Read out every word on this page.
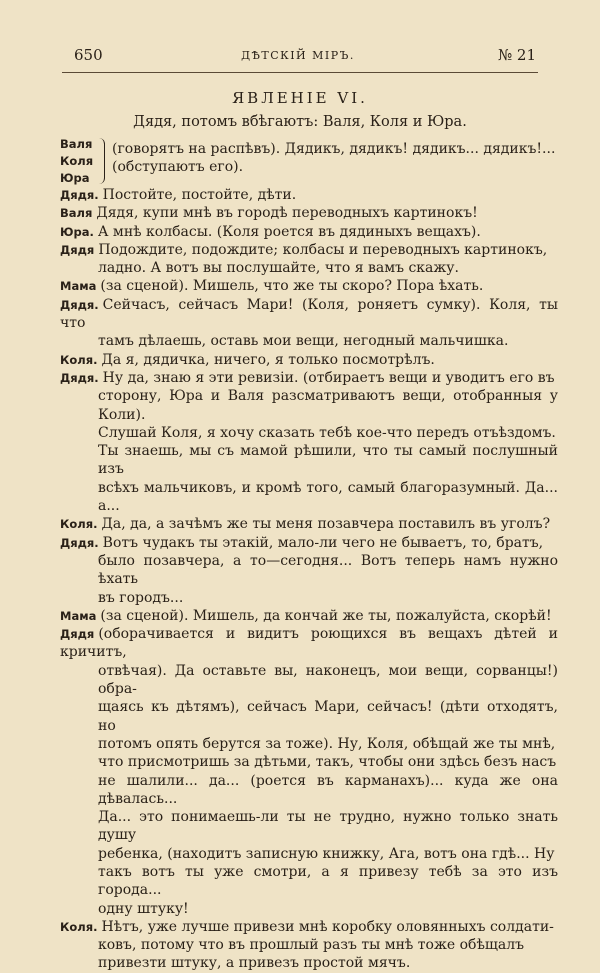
650	ДѢТСКІЙ МІРЪ.	№ 21
ЯВЛЕНІЕ VI.
Дядя, потомъ вбѣгаютъ: Валя, Коля и Юра.
Валя
Коля
Юра
(говорятъ на распѣвъ). Дядикъ, дядикъ! дядикъ... дядикъ!...
(обступаютъ его).
Дядя. Постойте, постойте, дѣти.
Валя Дядя, купи мнѣ въ городѣ переводныхъ картинокъ!
Юра. А мнѣ колбасы. (Коля роется въ дядиныхъ вещахъ).
Дядя Подождите, подождите; колбасы и переводныхъ картинокъ,
ладно. А вотъ вы послушайте, что я вамъ скажу.
Мама (за сценой). Мишель, что же ты скоро? Пора ѣхать.
Дядя. Сейчасъ, сейчасъ Мари! (Коля, роняетъ сумку). Коля, ты что
тамъ дѣлаешь, оставь мои вещи, негодный мальчишка.
Коля. Да я, дядичка, ничего, я только посмотрѣлъ.
Дядя. Ну да, знаю я эти ревизіи. (отбираетъ вещи и уводитъ его въ
сторону, Юра и Валя разсматриваютъ вещи, отобранныя у Коли).
Слушай Коля, я хочу сказать тебѣ кое-что передъ отъѣздомъ.
Ты знаешь, мы съ мамой рѣшили, что ты самый послушный изъ
всѣхъ мальчиковъ, и кромѣ того, самый благоразумный. Да... а...
Коля. Да, да, а зачѣмъ же ты меня позавчера поставилъ въ уголъ?
Дядя. Вотъ чудакъ ты этакій, мало-ли чего не бываетъ, то, братъ,
было позавчера, а то—сегодня... Вотъ теперь намъ нужно ѣхать
въ городъ...
Мама (за сценой). Мишель, да кончай же ты, пожалуйста, скорѣй!
Дядя (оборачивается и видитъ роющихся въ вещахъ дѣтей и кричитъ,
отвѣчая). Да оставьте вы, наконецъ, мои вещи, сорванцы!) обра-
щаясь къ дѣтямъ), сейчасъ Мари, сейчасъ! (дѣти отходятъ, но
потомъ опять берутся за тоже). Ну, Коля, обѣщай же ты мнѣ,
что присмотришь за дѣтьми, такъ, чтобы они здѣсь безъ насъ
не шалили... да... (роется въ карманахъ)... куда же она дѣвалась...
Да... это понимаешь-ли ты не трудно, нужно только знать душу
ребенка, (находитъ записную книжку, Ага, вотъ она гдѣ... Ну
такъ вотъ ты уже смотри, а я привезу тебѣ за это изъ города...
одну штуку!
Коля. Нѣтъ, уже лучше привези мнѣ коробку оловянныхъ солдати-
ковъ, потому что въ прошлый разъ ты мнѣ тоже обѣщалъ
привезти штуку, а привезъ простой мячъ.
